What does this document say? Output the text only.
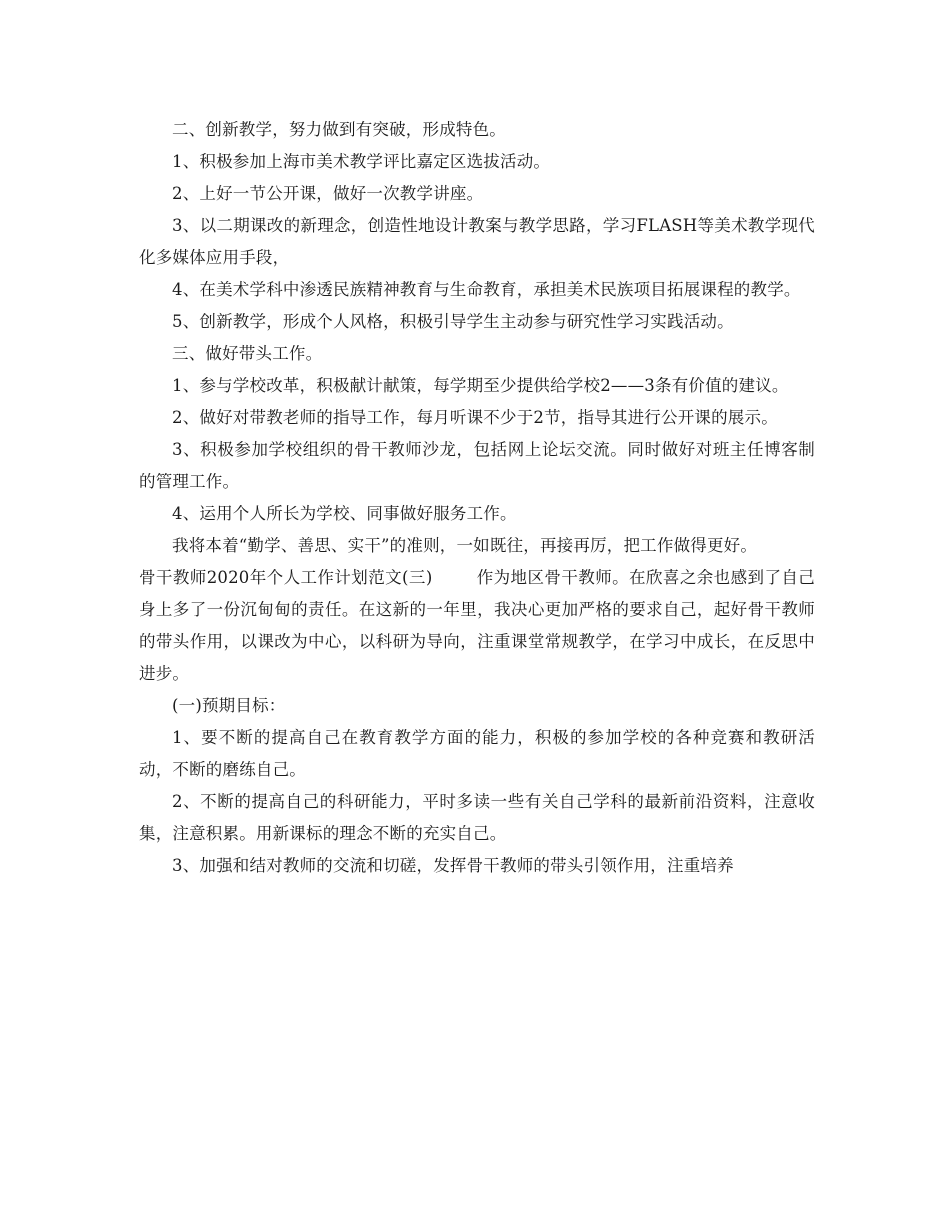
二、创新教学，努力做到有突破，形成特色。

1、积极参加上海市美术教学评比嘉定区选拔活动。

2、上好一节公开课，做好一次教学讲座。

3、以二期课改的新理念，创造性地设计教案与教学思路，学习FLASH等美术教学现代化多媒体应用手段，

4、在美术学科中渗透民族精神教育与生命教育，承担美术民族项目拓展课程的教学。

5、创新教学，形成个人风格，积极引导学生主动参与研究性学习实践活动。

三、做好带头工作。

1、参与学校改革，积极献计献策，每学期至少提供给学校2——3条有价值的建议。

2、做好对带教老师的指导工作，每月听课不少于2节，指导其进行公开课的展示。

3、积极参加学校组织的骨干教师沙龙，包括网上论坛交流。同时做好对班主任博客制的管理工作。

4、运用个人所长为学校、同事做好服务工作。

我将本着“勤学、善思、实干”的准则，一如既往，再接再厉，把工作做得更好。

骨干教师2020年个人工作计划范文(三)	作为地区骨干教师。在欣喜之余也感到了自己身上多了一份沉甸甸的责任。在这新的一年里，我决心更加严格的要求自己，起好骨干教师的带头作用，以课改为中心，以科研为导向，注重课堂常规教学，在学习中成长，在反思中进步。

(一)预期目标：

1、要不断的提高自己在教育教学方面的能力，积极的参加学校的各种竞赛和教研活动，不断的磨练自己。

2、不断的提高自己的科研能力，平时多读一些有关自己学科的最新前沿资料，注意收集，注意积累。用新课标的理念不断的充实自己。

3、加强和结对教师的交流和切磋，发挥骨干教师的带头引领作用，注重培养
